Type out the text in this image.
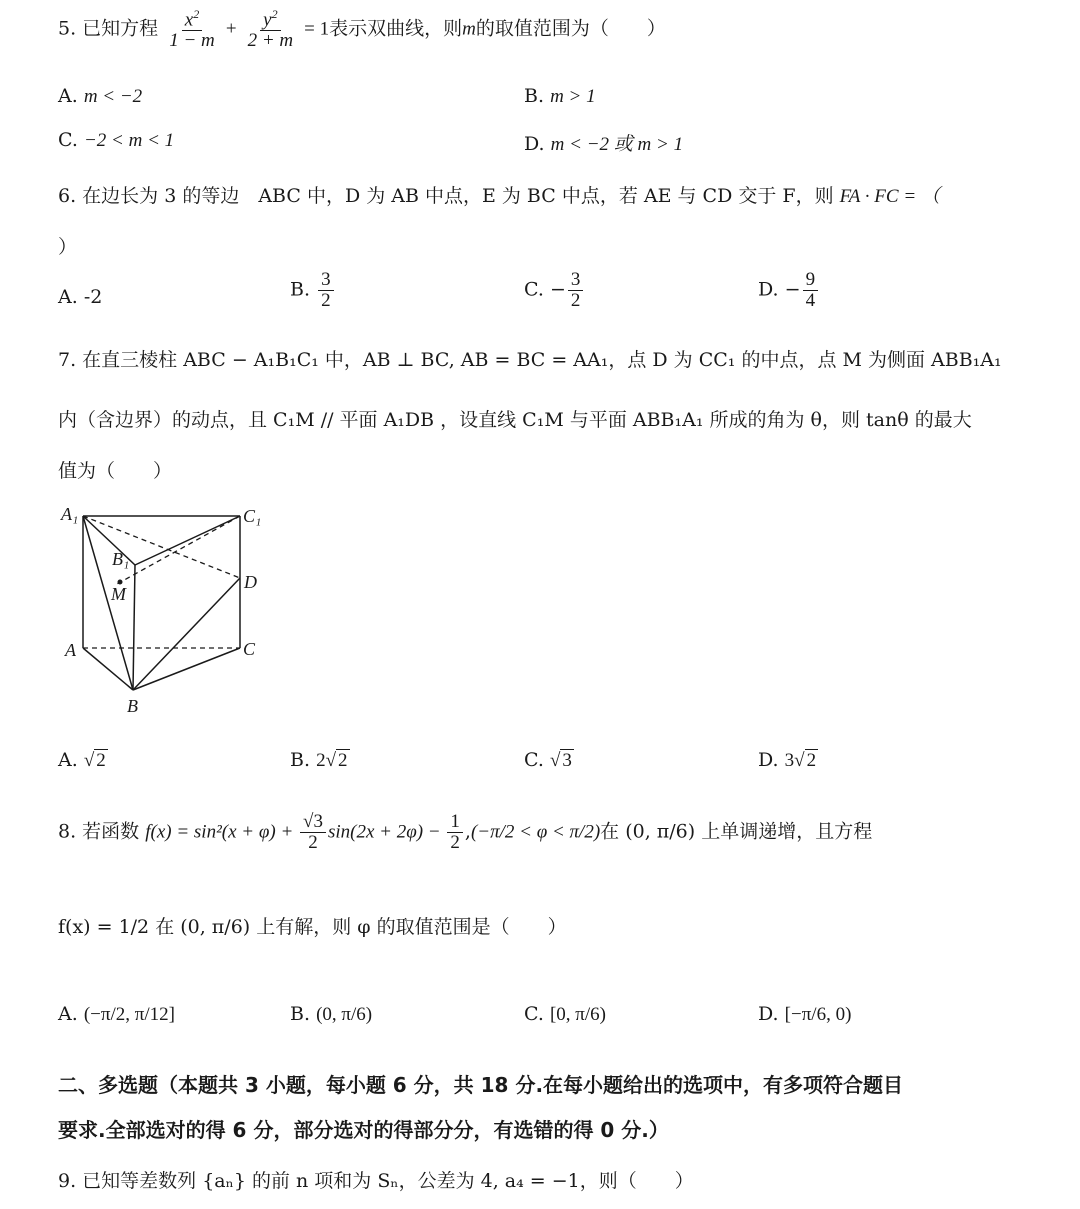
5. 已知方程 $\frac{x^2}{1 - m} + \frac{y^2}{2 + m} = 1$表示双曲线，则m的取值范围为（　　）
A. m < −2	B. m > 1
C. −2 < m < 1	D. m < −2 或 m > 1
6. 在边长为 3 的等边　ABC 中，D 为 AB 中点，E 为 BC 中点，若 AE 与 CD 交于 F，则 FA · FC = （
）
A. -2	B. $\frac{3}{2}$	C. − $\frac{3}{2}$	D. − $\frac{9}{4}$
7. 在直三棱柱 ABC − A₁B₁C₁ 中，AB ⊥ BC, AB = BC = AA₁，点 D 为 CC₁ 的中点，点 M 为侧面 ABB₁A₁
内（含边界）的动点，且 C₁M // 平面 A₁DB ，设直线 C₁M 与平面 ABB₁A₁ 所成的角为 θ，则 tanθ 的最大
值为（　　）
A₁	C₁
B₁
M
D
A	C
B
A. √ 2	B. 2√ 2	C. √ 3	D. 3√ 2
8. 若函数 $f(x) = \sin^2(x + \varphi) + \frac{√3}{2} \sin(2x + 2\varphi) - \frac{1}{2} ,(-\pi/2 < \varphi < \pi/2)$在 (0, π/6) 上单调递增，且方程
f(x) = 1/2 在 (0, π/6) 上有解，则 φ 的取值范围是（　　）
A. (−π/2, π/12]	B. (0, π/6)	C. [0, π/6)	D. [−π/6, 0)
二、多选题（本题共 3 小题，每小题 6 分，共 18 分.在每小题给出的选项中，有多项符合题目
要求.全部选对的得 6 分，部分选对的得部分分，有选错的得 0 分.）
9. 已知等差数列 {aₙ} 的前 n 项和为 Sₙ，公差为 4, a₄ = −1，则（　　）
